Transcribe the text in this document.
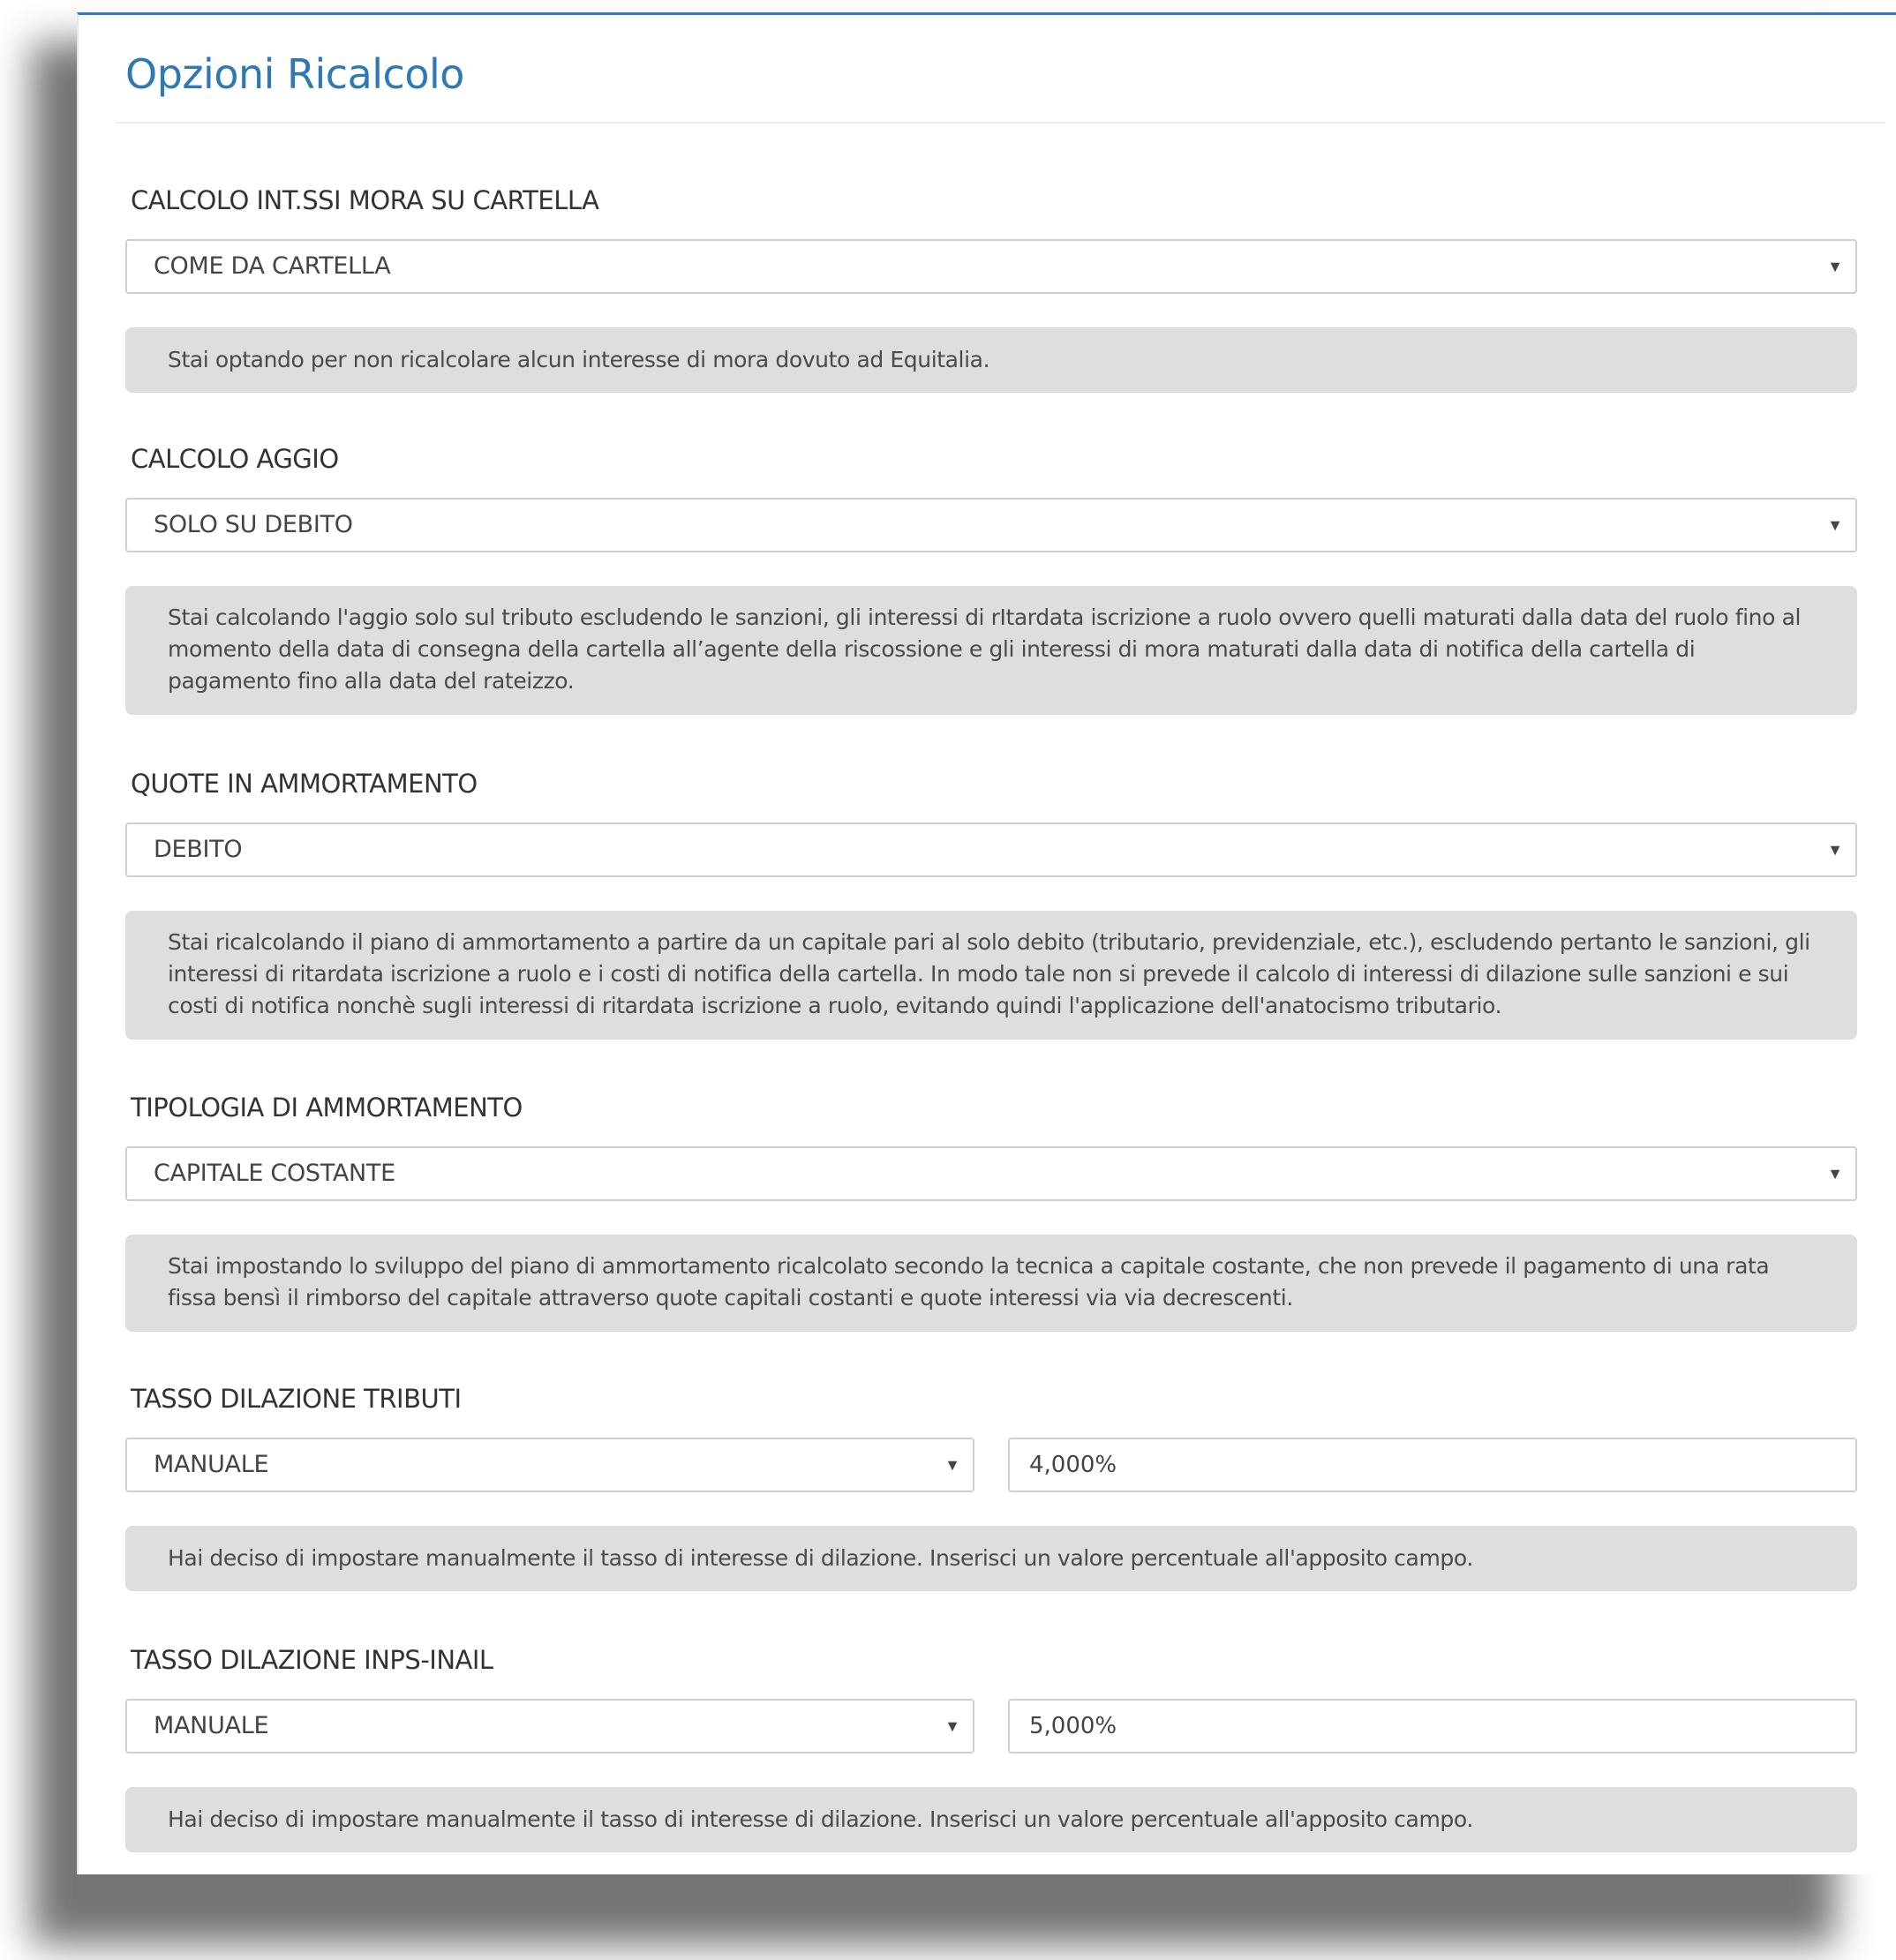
Opzioni Ricalcolo
CALCOLO INT.SSI MORA SU CARTELLA
COME DA CARTELLA	▼
Stai optando per non ricalcolare alcun interesse di mora dovuto ad Equitalia.
CALCOLO AGGIO
SOLO SU DEBITO	▼
Stai calcolando l'aggio solo sul tributo escludendo le sanzioni, gli interessi di rItardata iscrizione a ruolo ovvero quelli maturati dalla data del ruolo fino al momento della data di consegna della cartella all’agente della riscossione e gli interessi di mora maturati dalla data di notifica della cartella di pagamento fino alla data del rateizzo.
QUOTE IN AMMORTAMENTO
DEBITO	▼
Stai ricalcolando il piano di ammortamento a partire da un capitale pari al solo debito (tributario, previdenziale, etc.), escludendo pertanto le sanzioni, gli interessi di ritardata iscrizione a ruolo e i costi di notifica della cartella. In modo tale non si prevede il calcolo di interessi di dilazione sulle sanzioni e sui costi di notifica nonchè sugli interessi di ritardata iscrizione a ruolo, evitando quindi l'applicazione dell'anatocismo tributario.
TIPOLOGIA DI AMMORTAMENTO
CAPITALE COSTANTE	▼
Stai impostando lo sviluppo del piano di ammortamento ricalcolato secondo la tecnica a capitale costante, che non prevede il pagamento di una rata fissa bensì il rimborso del capitale attraverso quote capitali costanti e quote interessi via via decrescenti.
TASSO DILAZIONE TRIBUTI
MANUALE	▼	4,000%
Hai deciso di impostare manualmente il tasso di interesse di dilazione. Inserisci un valore percentuale all'apposito campo.
TASSO DILAZIONE INPS-INAIL
MANUALE	▼	5,000%
Hai deciso di impostare manualmente il tasso di interesse di dilazione. Inserisci un valore percentuale all'apposito campo.
